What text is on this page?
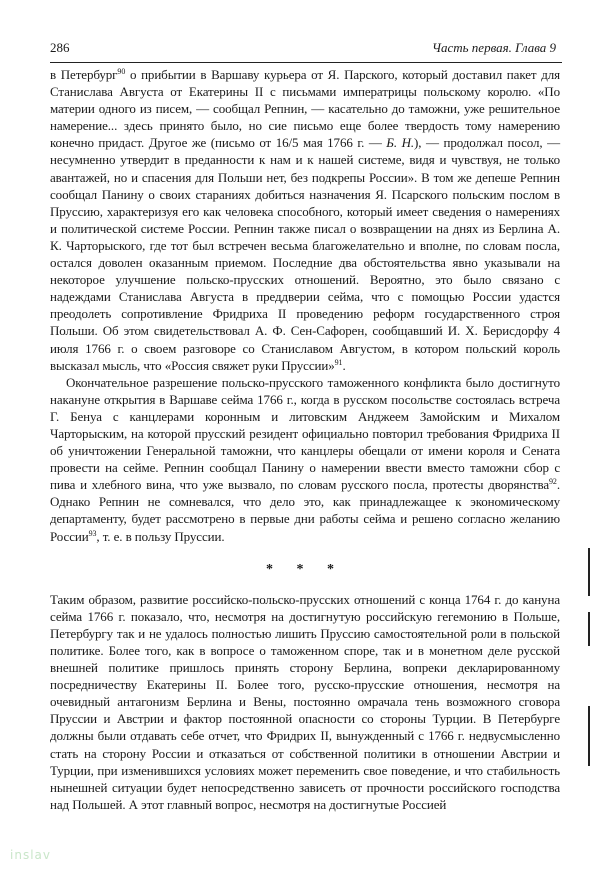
286	Часть первая. Глава 9

в Петербург$^{90}$ о прибытии в Варшаву курьера от Я. Парского, который доставил пакет для Станислава Августа от Екатерины II с письмами императрицы польскому королю. «По материи одного из писем, — сообщал Репнин, — касательно до таможни, уже решительное намерение... здесь принято было, но сие письмо еще более твердость тому намерению конечно придаст. Другое же (письмо от 16/5 мая 1766 г. — Б. Н.), — продолжал посол, — несумненно утвердит в преданности к нам и к нашей системе, видя и чувствуя, не только авантажей, но и спасения для Польши нет, без подкрепы России». В том же депеше Репнин сообщал Панину о своих стараниях добиться назначения Я. Псарского польским послом в Пруссию, характеризуя его как человека способного, который имеет сведения о намерениях и политической системе России. Репнин также писал о возвращении на днях из Берлина А. К. Чарторыского, где тот был встречен весьма благожелательно и вполне, по словам посла, остался доволен оказанным приемом. Последние два обстоятельства явно указывали на некоторое улучшение польско-прусских отношений. Вероятно, это было связано с надеждами Станислава Августа в преддверии сейма, что с помощью России удастся преодолеть сопротивление Фридриха II проведению реформ государственного строя Польши. Об этом свидетельствовал А. Ф. Сен-Сафорен, сообщавший И. Х. Берисдорфу 4 июля 1766 г. о своем разговоре со Станиславом Августом, в котором польский король высказал мысль, что «Россия свяжет руки Пруссии»$^{91}$.

Окончательное разрешение польско-прусского таможенного конфликта было достигнуто накануне открытия в Варшаве сейма 1766 г., когда в русском посольстве состоялась встреча Г. Бенуа с канцлерами коронным и литовским Анджеем Замойским и Михалом Чарторыским, на которой прусский резидент официально повторил требования Фридриха II об уничтожении Генеральной таможни, что канцлеры обещали от имени короля и Сената провести на сейме. Репнин сообщал Панину о намерении ввести вместо таможни сбор с пива и хлебного вина, что уже вызвало, по словам русского посла, протесты дворянства$^{92}$. Однако Репнин не сомневался, что дело это, как принадлежащее к экономическому департаменту, будет рассмотрено в первые дни работы сейма и решено согласно желанию России$^{93}$, т. е. в пользу Пруссии.

* * *

Таким образом, развитие российско-польско-прусских отношений с конца 1764 г. до кануна сейма 1766 г. показало, что, несмотря на достигнутую российскую гегемонию в Польше, Петербургу так и не удалось полностью лишить Пруссию самостоятельной роли в польской политике. Более того, как в вопросе о таможенном споре, так и в монетном деле русской внешней политике пришлось принять сторону Берлина, вопреки декларированному посредничеству Екатерины II. Более того, русско-прусские отношения, несмотря на очевидный антагонизм Берлина и Вены, постоянно омрачала тень возможного сговора Пруссии и Австрии и фактор постоянной опасности со стороны Турции. В Петербурге должны были отдавать себе отчет, что Фридрих II, вынужденный с 1766 г. недвусмысленно стать на сторону России и отказаться от собственной политики в отношении Австрии и Турции, при изменившихся условиях может переменить свое поведение, и что стабильность нынешней ситуации будет непосредственно зависеть от прочности российского господства над Польшей. А этот главный вопрос, несмотря на достигнутые Россией

inslav
